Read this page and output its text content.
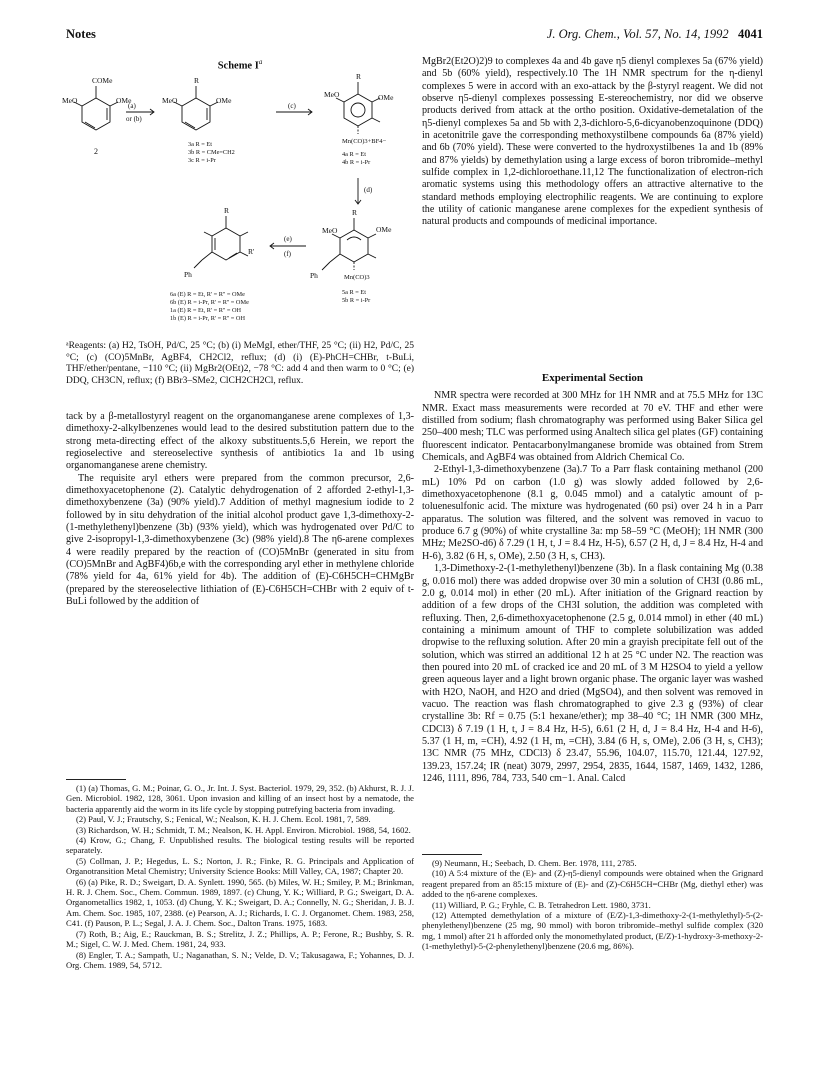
Notes	J. Org. Chem., Vol. 57, No. 14, 1992 4041
Scheme $I^a$
COMe
MeO	OMe
(a)
or (b)
2
R
MeO	OMe
(c)
R
MeO	OMe
Mn(CO)3+BF4−
(d)
R
MeO	OMe
Ph	Mn(CO)3
(e)
(f)
R
R'
Ph
3a R = Et
3b R = CMe=CH2
3c R = i-Pr
4a R = Et
4b R = i-Pr
5a R = Et
5b R = i-Pr
6a (E) R = Et, R' = R'' = OMe
6b (E) R = i-Pr, R' = R'' = OMe
1a (E) R = Et, R' = R'' = OH
1b (E) R = i-Pr, R' = R'' = OH
ᵃReagents: (a) H2, TsOH, Pd/C, 25 °C; (b) (i) MeMgI, ether/THF, 25 °C; (ii) H2, Pd/C, 25 °C; (c) (CO)5MnBr, AgBF4, CH2Cl2, reflux; (d) (i) (E)-PhCH=CHBr, t-BuLi, THF/ether/pentane, −110 °C; (ii) MgBr2(OEt)2, −78 °C: add 4 and then warm to 0 °C; (e) DDQ, CH3CN, reflux; (f) BBr3–SMe2, ClCH2CH2Cl, reflux.

tack by a β-metallostyryl reagent on the organomanganese arene complexes of 1,3-dimethoxy-2-alkylbenzenes would lead to the desired substitution pattern due to the strong meta-directing effect of the alkoxy substituents.5,6 Herein, we report the regioselective and stereoselective synthesis of antibiotics 1a and 1b using organomanganese arene chemistry.

The requisite aryl ethers were prepared from the common precursor, 2,6-dimethoxyacetophenone (2). Catalytic dehydrogenation of 2 afforded 2-ethyl-1,3-dimethoxybenzene (3a) (90% yield).7 Addition of methyl magnesium iodide to 2 followed by in situ dehydration of the initial alcohol product gave 1,3-dimethoxy-2-(1-methylethenyl)benzene (3b) (93% yield), which was hydrogenated over Pd/C to give 2-isopropyl-1,3-dimethoxybenzene (3c) (98% yield).8 The η6-arene complexes 4 were readily prepared by the reaction of (CO)5MnBr (generated in situ from (CO)5MnBr and AgBF4)6b,e with the corresponding aryl ether in methylene chloride (78% yield for 4a, 61% yield for 4b). The addition of (E)-C6H5CH=CHMgBr (prepared by the stereoselective lithiation of (E)-C6H5CH=CHBr with 2 equiv of t-BuLi followed by the addition of

(1) (a) Thomas, G. M.; Poinar, G. O., Jr. Int. J. Syst. Bacteriol. 1979, 29, 352. (b) Akhurst, R. J. J. Gen. Microbiol. 1982, 128, 3061. Upon invasion and killing of an insect host by a nematode, the bacteria apparently aid the worm in its life cycle by stopping putrefying bacteria from invading.

(2) Paul, V. J.; Frautschy, S.; Fenical, W.; Nealson, K. H. J. Chem. Ecol. 1981, 7, 589.

(3) Richardson, W. H.; Schmidt, T. M.; Nealson, K. H. Appl. Environ. Microbiol. 1988, 54, 1602.

(4) Krow, G.; Chang, F. Unpublished results. The biological testing results will be reported separately.

(5) Collman, J. P.; Hegedus, L. S.; Norton, J. R.; Finke, R. G. Principals and Application of Organotransition Metal Chemistry; University Science Books: Mill Valley, CA, 1987; Chapter 20.

(6) (a) Pike, R. D.; Sweigart, D. A. Synlett. 1990, 565. (b) Miles, W. H.; Smiley, P. M.; Brinkman, H. R. J. Chem. Soc., Chem. Commun. 1989, 1897. (c) Chung, Y. K.; Williard, P. G.; Sweigart, D. A. Organometallics 1982, 1, 1053. (d) Chung, Y. K.; Sweigart, D. A.; Connelly, N. G.; Sheridan, J. B. J. Am. Chem. Soc. 1985, 107, 2388. (e) Pearson, A. J.; Richards, I. C. J. Organomet. Chem. 1983, 258, C41. (f) Pauson, P. L.; Segal, J. A. J. Chem. Soc., Dalton Trans. 1975, 1683.

(7) Roth, B.; Aig, E.; Rauckman, B. S.; Strelitz, J. Z.; Phillips, A. P.; Ferone, R.; Bushby, S. R. M.; Sigel, C. W. J. Med. Chem. 1981, 24, 933.

(8) Engler, T. A.; Sampath, U.; Naganathan, S. N.; Velde, D. V.; Takusagawa, F.; Yohannes, D. J. Org. Chem. 1989, 54, 5712.

MgBr2(Et2O)2)9 to complexes 4a and 4b gave η5 dienyl complexes 5a (67% yield) and 5b (60% yield), respectively.10 The 1H NMR spectrum for the η-dienyl complexes 5 were in accord with an exo-attack by the β-styryl reagent. We did not observe η5-dienyl complexes possessing E-stereochemistry, nor did we observe products derived from attack at the ortho position. Oxidative-demetalation of the η5-dienyl complexes 5a and 5b with 2,3-dichloro-5,6-dicyanobenzoquinone (DDQ) in acetonitrile gave the corresponding methoxystilbene compounds 6a (87% yield) and 6b (70% yield). These were converted to the hydroxystilbenes 1a and 1b (89% and 87% yields) by demethylation using a large excess of boron tribromide–methyl sulfide complex in 1,2-dichloroethane.11,12 The functionalization of electron-rich aromatic systems using this methodology offers an attractive alternative to the standard methods employing electrophilic reagents. We are continuing to explore the utility of cationic manganese arene complexes for the expedient synthesis of natural products and compounds of medicinal importance.

Experimental Section

NMR spectra were recorded at 300 MHz for 1H NMR and at 75.5 MHz for 13C NMR. Exact mass measurements were recorded at 70 eV. THF and ether were distilled from sodium; flash chromatography was performed using Baker Silica gel 250–400 mesh; TLC was performed using Analtech silica gel plates (GF) containing fluorescent indicator. Pentacarbonylmanganese bromide was obtained from Strem Chemicals, and AgBF4 was obtained from Aldrich Chemical Co.

2-Ethyl-1,3-dimethoxybenzene (3a).7 To a Parr flask containing methanol (200 mL) 10% Pd on carbon (1.0 g) was slowly added followed by 2,6-dimethoxyacetophenone (8.1 g, 0.045 mmol) and a catalytic amount of p-toluenesulfonic acid. The mixture was hydrogenated (60 psi) over 24 h in a Parr apparatus. The solution was filtered, and the solvent was removed in vacuo to produce 6.7 g (90%) of white crystalline 3a: mp 58–59 °C (MeOH); 1H NMR (300 MHz; Me2SO-d6) δ 7.29 (1 H, t, J = 8.4 Hz, H-5), 6.57 (2 H, d, J = 8.4 Hz, H-4 and H-6), 3.82 (6 H, s, OMe), 2.50 (3 H, s, CH3).

1,3-Dimethoxy-2-(1-methylethenyl)benzene (3b). In a flask containing Mg (0.38 g, 0.016 mol) there was added dropwise over 30 min a solution of CH3I (0.86 mL, 2.0 g, 0.014 mol) in ether (20 mL). After initiation of the Grignard reaction by addition of a few drops of the CH3I solution, the addition was completed with refluxing. Then, 2,6-dimethoxyacetophenone (2.5 g, 0.014 mmol) in ether (40 mL) containing a minimum amount of THF to complete solubilization was added dropwise to the refluxing solution. After 20 min a grayish precipitate fell out of the solution, which was stirred an additional 12 h at 25 °C under N2. The reaction was then poured into 20 mL of cracked ice and 20 mL of 3 M H2SO4 to yield a yellow green aqueous layer and a light brown organic phase. The organic layer was washed with H2O, NaOH, and H2O and dried (MgSO4), and then solvent was removed in vacuo. The reaction was flash chromatographed to give 2.3 g (93%) of clear crystalline 3b: Rf = 0.75 (5:1 hexane/ether); mp 38–40 °C; 1H NMR (300 MHz, CDCl3) δ 7.19 (1 H, t, J = 8.4 Hz, H-5), 6.61 (2 H, d, J = 8.4 Hz, H-4 and H-6), 5.37 (1 H, m, =CH), 4.92 (1 H, m, =CH), 3.84 (6 H, s, OMe), 2.06 (3 H, s, CH3); 13C NMR (75 MHz, CDCl3) δ 23.47, 55.96, 104.07, 115.70, 121.44, 127.92, 139.23, 157.24; IR (neat) 3079, 2997, 2954, 2835, 1644, 1587, 1469, 1432, 1286, 1246, 1111, 896, 784, 733, 540 cm−1. Anal. Calcd

(9) Neumann, H.; Seebach, D. Chem. Ber. 1978, 111, 2785.

(10) A 5:4 mixture of the (E)- and (Z)-η5-dienyl compounds were obtained when the Grignard reagent prepared from an 85:15 mixture of (E)- and (Z)-C6H5CH=CHBr (Mg, diethyl ether) was added to the η6-arene complexes.

(11) Williard, P. G.; Fryhle, C. B. Tetrahedron Lett. 1980, 3731.

(12) Attempted demethylation of a mixture of (E/Z)-1,3-dimethoxy-2-(1-methylethyl)-5-(2-phenylethenyl)benzene (25 mg, 90 mmol) with boron tribromide–methyl sulfide complex (320 mg, 1 mmol) after 21 h afforded only the monomethylated product, (E/Z)-1-hydroxy-3-methoxy-2-(1-methylethyl)-5-(2-phenylethenyl)benzene (20.6 mg, 86%).
